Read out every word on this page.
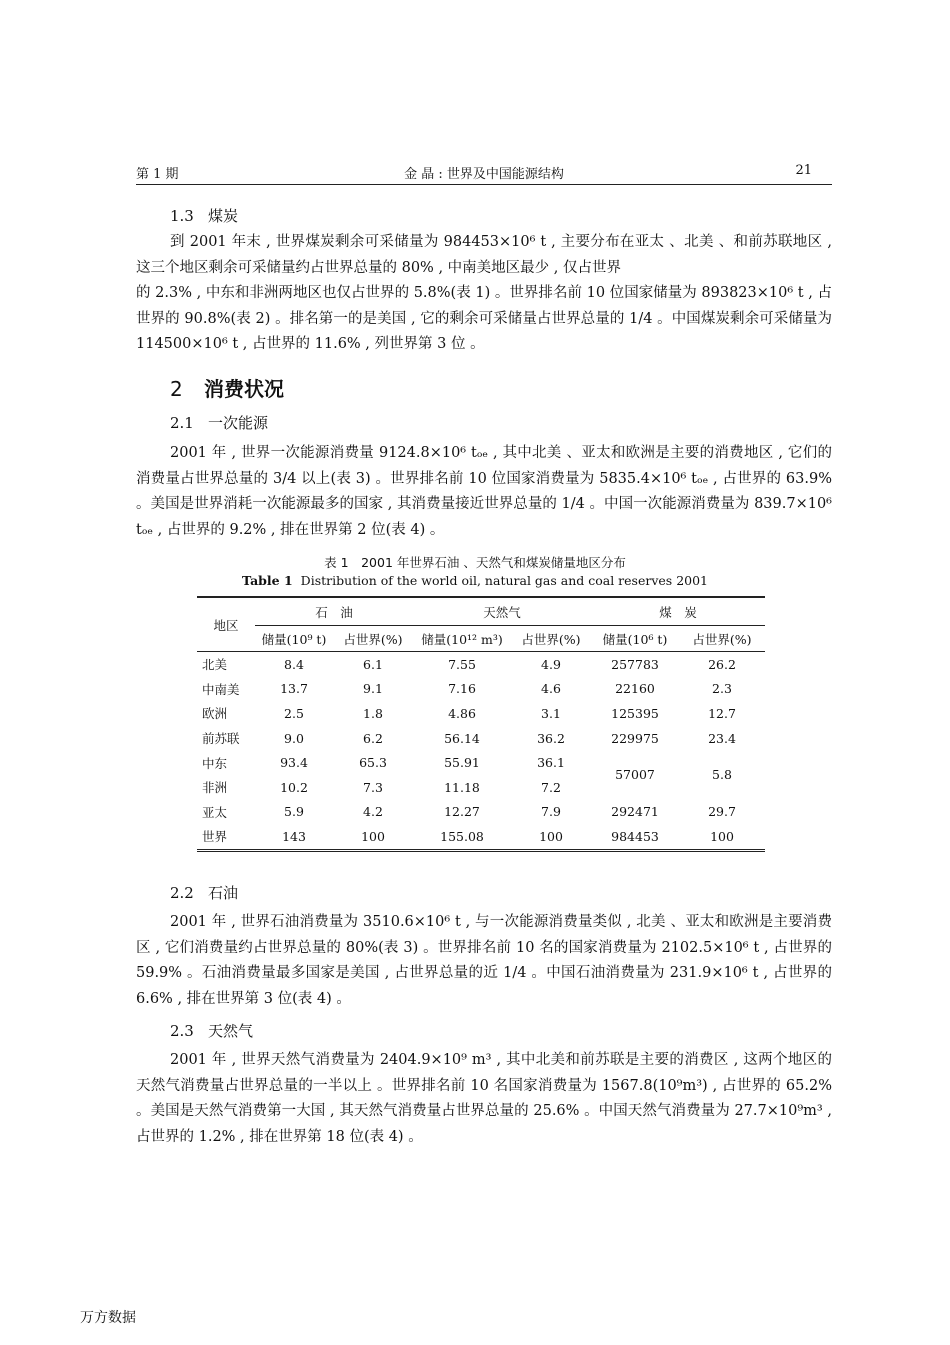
第 1 期	金 晶 : 世界及中国能源结构	21
1.3 煤炭

到 2001 年末 , 世界煤炭剩余可采储量为 984453×10⁶ t , 主要分布在亚太 、北美 、和前苏联地区 , 这三个地区剩余可采储量约占世界总量的 80% , 中南美地区最少 , 仅占世界

的 2.3% , 中东和非洲两地区也仅占世界的 5.8%(表 1) 。世界排名前 10 位国家储量为 893823×10⁶ t , 占世界的 90.8%(表 2) 。排名第一的是美国 , 它的剩余可采储量占世界总量的 1/4 。中国煤炭剩余可采储量为 114500×10⁶ t , 占世界的 11.6% , 列世界第 3 位 。

2 消费状况
2.1 一次能源

2001 年 , 世界一次能源消费量 9124.8×10⁶ tₒₑ , 其中北美 、亚太和欧洲是主要的消费地区 , 它们的消费量占世界总量的 3/4 以上(表 3) 。世界排名前 10 位国家消费量为 5835.4×10⁶ tₒₑ , 占世界的 63.9% 。美国是世界消耗一次能源最多的国家 , 其消费量接近世界总量的 1/4 。中国一次能源消费量为 839.7×10⁶ tₒₑ , 占世界的 9.2% , 排在世界第 2 位(表 4) 。

表 1　2001 年世界石油 、天然气和煤炭储量地区分布
Table 1 Distribution of the world oil, natural gas and coal reserves 2001
地区	石　油		天然气		煤　炭	
	储量(10⁹ t)	占世界(%)	储量(10¹² m³)	占世界(%)	储量(10⁶ t)	占世界(%)
北美	8.4	6.1	7.55	4.9	257783	26.2
中南美	13.7	9.1	7.16	4.6	22160	2.3
欧洲	2.5	1.8	4.86	3.1	125395	12.7
前苏联	9.0	6.2	56.14	36.2	229975	23.4
中东	93.4	65.3	55.91	36.1	57007	5.8
非洲	10.2	7.3	11.18	7.2		
亚太	5.9	4.2	12.27	7.9	292471	29.7
世界	143	100	155.08	100	984453	100
2.2 石油

2001 年 , 世界石油消费量为 3510.6×10⁶ t , 与一次能源消费量类似 , 北美 、亚太和欧洲是主要消费区 , 它们消费量约占世界总量的 80%(表 3) 。世界排名前 10 名的国家消费量为 2102.5×10⁶ t , 占世界的 59.9% 。石油消费量最多国家是美国 , 占世界总量的近 1/4 。中国石油消费量为 231.9×10⁶ t , 占世界的 6.6% , 排在世界第 3 位(表 4) 。

2.3 天然气

2001 年 , 世界天然气消费量为 2404.9×10⁹ m³ , 其中北美和前苏联是主要的消费区 , 这两个地区的天然气消费量占世界总量的一半以上 。世界排名前 10 名国家消费量为 1567.8(10⁹m³) , 占世界的 65.2% 。美国是天然气消费第一大国 , 其天然气消费量占世界总量的 25.6% 。中国天然气消费量为 27.7×10⁹m³ , 占世界的 1.2% , 排在世界第 18 位(表 4) 。

万方数据
